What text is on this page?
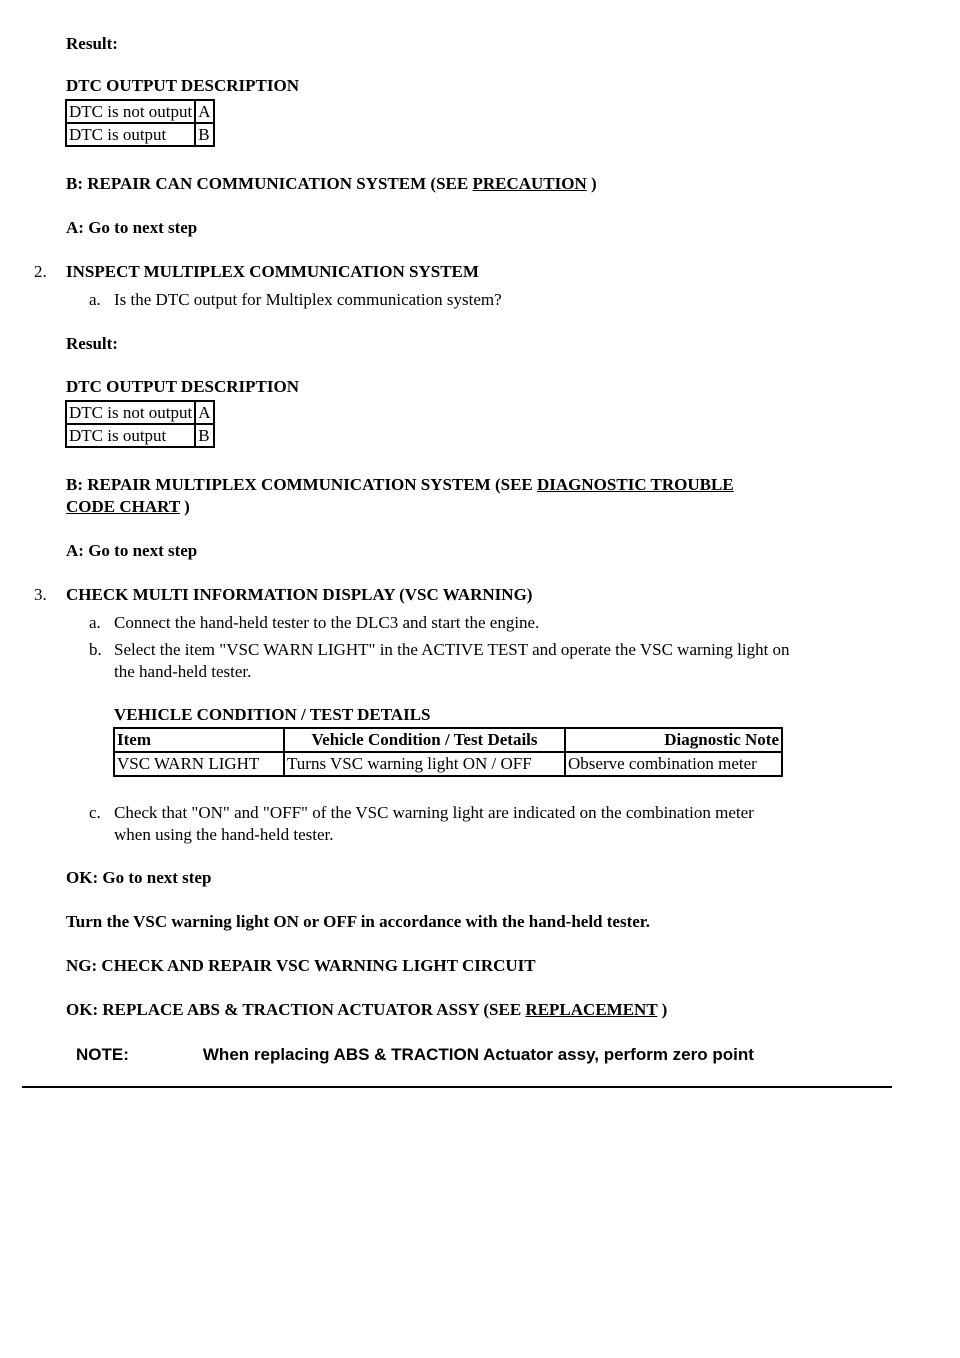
Result:
DTC OUTPUT DESCRIPTION
DTC is not output	A
DTC is output	B
B: REPAIR CAN COMMUNICATION SYSTEM (SEE PRECAUTION )
A: Go to next step
2. INSPECT MULTIPLEX COMMUNICATION SYSTEM
a. Is the DTC output for Multiplex communication system?
Result:
DTC OUTPUT DESCRIPTION
DTC is not output	A
DTC is output	B
B: REPAIR MULTIPLEX COMMUNICATION SYSTEM (SEE DIAGNOSTIC TROUBLE
CODE CHART )
A: Go to next step
3. CHECK MULTI INFORMATION DISPLAY (VSC WARNING)
a. Connect the hand-held tester to the DLC3 and start the engine.
b. Select the item "VSC WARN LIGHT" in the ACTIVE TEST and operate the VSC warning light on
the hand-held tester.
VEHICLE CONDITION / TEST DETAILS
Item	Vehicle Condition / Test Details	Diagnostic Note
VSC WARN LIGHT	Turns VSC warning light ON / OFF	Observe combination meter
c. Check that "ON" and "OFF" of the VSC warning light are indicated on the combination meter
when using the hand-held tester.
OK: Go to next step
Turn the VSC warning light ON or OFF in accordance with the hand-held tester.
NG: CHECK AND REPAIR VSC WARNING LIGHT CIRCUIT
OK: REPLACE ABS & TRACTION ACTUATOR ASSY (SEE REPLACEMENT )
NOTE:	When replacing ABS & TRACTION Actuator assy, perform zero point
